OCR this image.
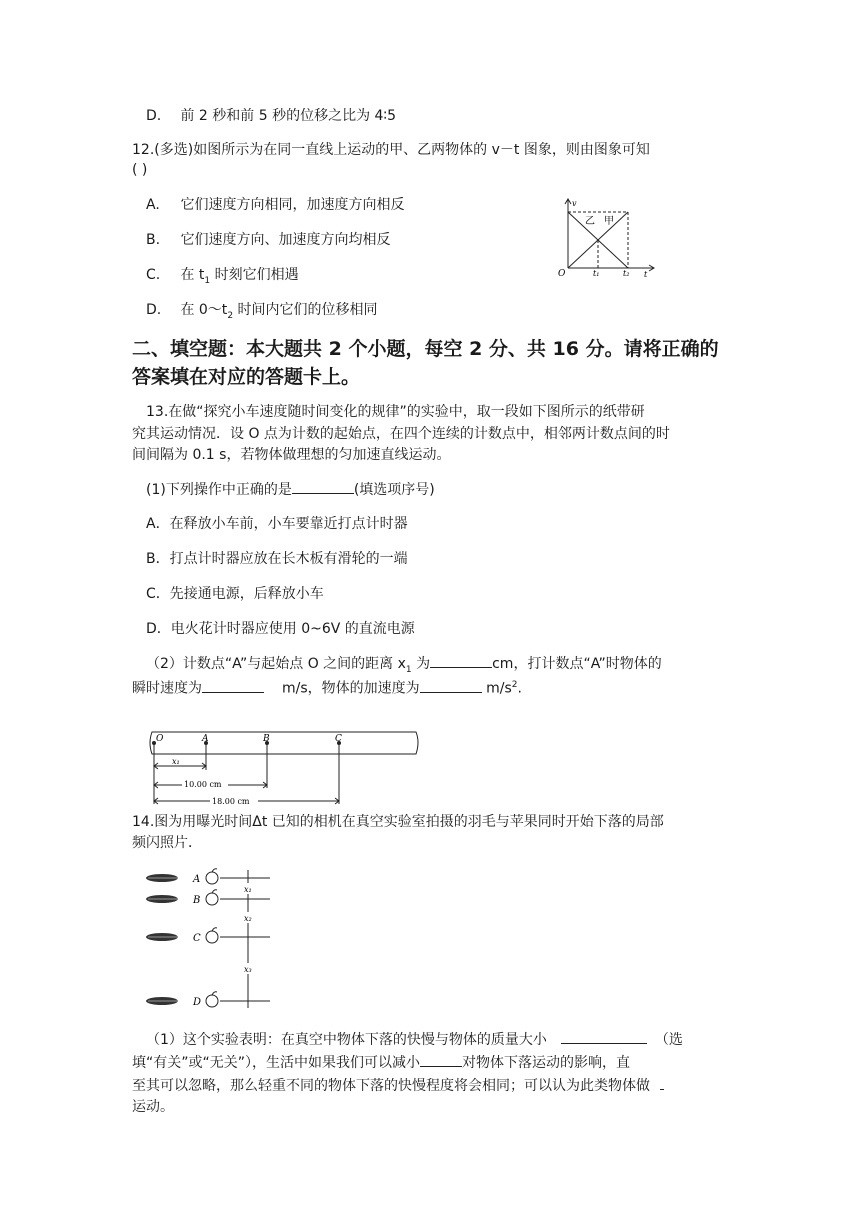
D. 前 2 秒和前 5 秒的位移之比为 4∶5
12.(多选)如图所示为在同一直线上运动的甲、乙两物体的 v－t 图象，则由图象可知
( )
A. 它们速度方向相同，加速度方向相反
B. 它们速度方向、加速度方向均相反
C. 在 $t_1$ 时刻它们相遇
D. 在 $0\sim t_2$ 时间内它们的位移相同
v
t
O	t₁	t₂
乙 甲
二、填空题：本大题共 2 个小题，每空 2 分、共 16 分。请将正确的
答案填在对应的答题卡上。
13.在做“探究小车速度随时间变化的规律”的实验中，取一段如下图所示的纸带研
究其运动情况．设 O 点为计数的起始点，在四个连续的计数点中，相邻两计数点间的时
间间隔为 0.1 s，若物体做理想的匀加速直线运动。
(1)下列操作中正确的是	(填选项序号)
A．在释放小车前，小车要靠近打点计时器
B．打点计时器应放在长木板有滑轮的一端
C．先接通电源，后释放小车
D．电火花计时器应使用 0~6V 的直流电源
（2）计数点“A”与起始点 O 之间的距离 $x_1$ 为	cm，打计数点“A”时物体的
瞬时速度为	m/s，物体的加速度为	$m/s^2$.
O	A	B	C
x₁
10.00 cm
18.00 cm
14.图为用曝光时间Δt 已知的相机在真空实验室拍摄的羽毛与苹果同时开始下落的局部
频闪照片．
A
B
C
D
x₁
x₂
x₃
（1）这个实验表明：在真空中物体下落的快慢与物体的质量大小	（选
填“有关”或“无关”），生活中如果我们可以减小	对物体下落运动的影响，直
至其可以忽略，那么轻重不同的物体下落的快慢程度将会相同；可以认为此类物体做
运动。
